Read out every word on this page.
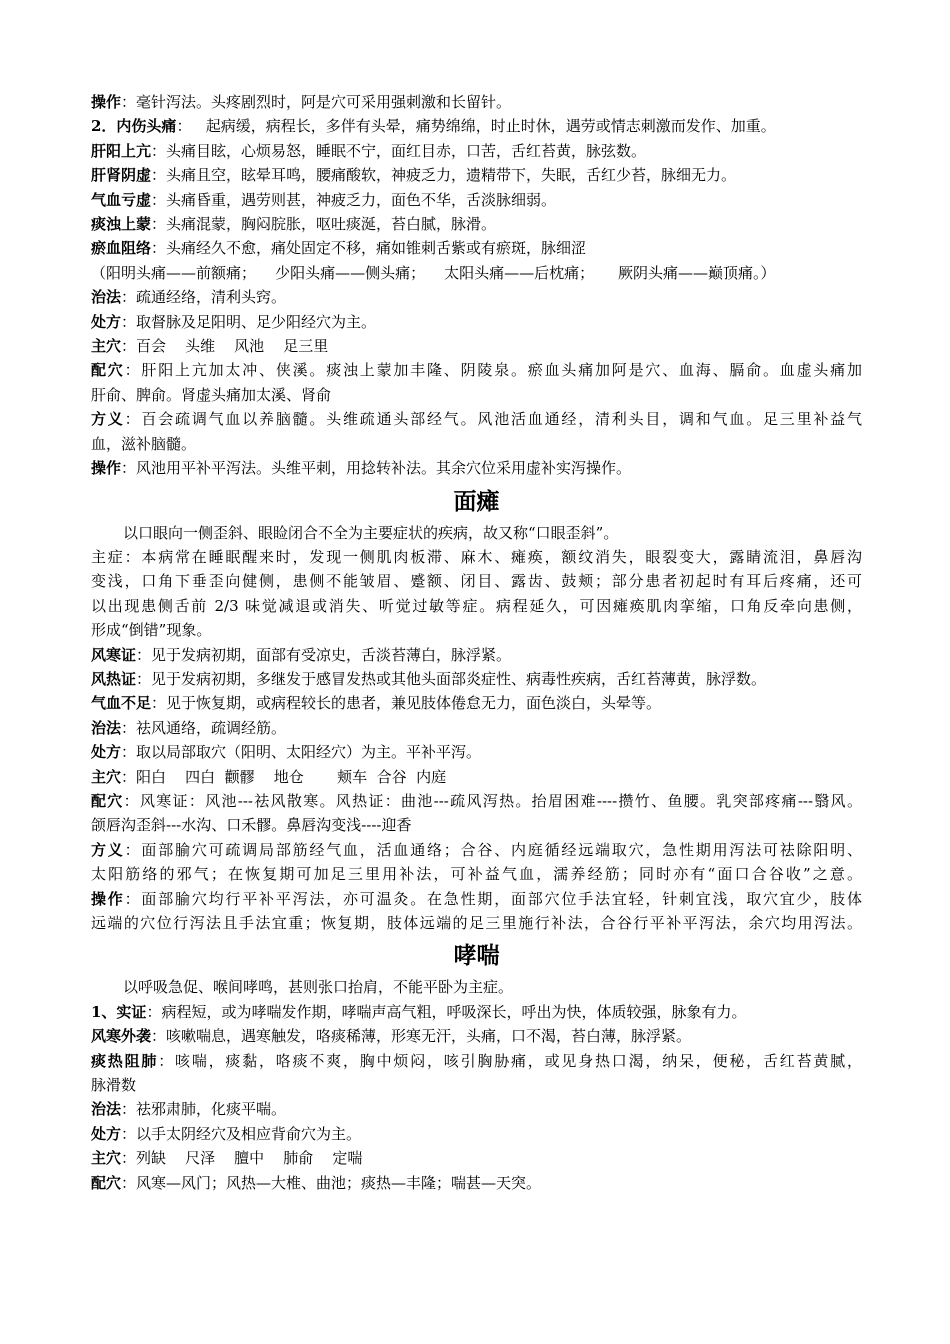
操作：毫针泻法。头疼剧烈时，阿是穴可采用强刺激和长留针。
2．内伤头痛：   起病缓，病程长，多伴有头晕，痛势绵绵，时止时休，遇劳或情志刺激而发作、加重。
肝阳上亢：头痛目眩，心烦易怒，睡眠不宁，面红目赤，口苦，舌红苔黄，脉弦数。
肝肾阴虚：头痛且空，眩晕耳鸣，腰痛酸软，神疲乏力，遗精带下，失眠，舌红少苔，脉细无力。
气血亏虚：头痛昏重，遇劳则甚，神疲乏力，面色不华，舌淡脉细弱。
痰浊上蒙：头痛混蒙，胸闷脘胀，呕吐痰涎，苔白腻，脉滑。
瘀血阻络：头痛经久不愈，痛处固定不移，痛如锥刺舌紫或有瘀斑，脉细涩
（阳明头痛——前额痛；    少阳头痛——侧头痛；    太阳头痛——后枕痛；     厥阴头痛——巅顶痛。）
治法：疏通经络，清利头窍。
处方：取督脉及足阳明、足少阳经穴为主。
主穴：百会    头维    风池    足三里
配穴：肝阳上亢加太冲、侠溪。痰浊上蒙加丰隆、阴陵泉。瘀血头痛加阿是穴、血海、膈俞。血虚头痛加
肝俞、脾俞。肾虚头痛加太溪、肾俞
方义：百会疏调气血以养脑髓。头维疏通头部经气。风池活血通经，清利头目，调和气血。足三里补益气
血，滋补脑髓。
操作：风池用平补平泻法。头维平刺，用捻转补法。其余穴位采用虚补实泻操作。
面瘫
以口眼向一侧歪斜、眼睑闭合不全为主要症状的疾病，故又称“口眼歪斜”。
主症：本病常在睡眠醒来时，发现一侧肌肉板滞、麻木、瘫痪，额纹消失，眼裂变大，露睛流泪，鼻唇沟
变浅，口角下垂歪向健侧，患侧不能皱眉、蹙额、闭目、露齿、鼓颊；部分患者初起时有耳后疼痛，还可
以出现患侧舌前 2/3 味觉减退或消失、听觉过敏等症。病程延久，可因瘫痪肌肉挛缩，口角反牵向患侧，
形成“倒错”现象。
风寒证：见于发病初期，面部有受凉史，舌淡苔薄白，脉浮紧。
风热证：见于发病初期，多继发于感冒发热或其他头面部炎症性、病毒性疾病，舌红苔薄黄，脉浮数。
气血不足：见于恢复期，或病程较长的患者，兼见肢体倦怠无力，面色淡白，头晕等。
治法：祛风通络，疏调经筋。
处方：取以局部取穴（阳明、太阳经穴）为主。平补平泻。
主穴：阳白    四白  颧髎    地仓       颊车  合谷  内庭
配穴：风寒证：风池---祛风散寒。风热证：曲池---疏风泻热。抬眉困难----攒竹、鱼腰。乳突部疼痛---翳风。
颌唇沟歪斜---水沟、口禾髎。鼻唇沟变浅----迎香
方义：面部腧穴可疏调局部筋经气血，活血通络；合谷、内庭循经远端取穴，急性期用泻法可祛除阳明、
太阳筋络的邪气；在恢复期可加足三里用补法，可补益气血，濡养经筋；同时亦有“面口合谷收”之意。
操作：面部腧穴均行平补平泻法，亦可温灸。在急性期，面部穴位手法宜轻，针刺宜浅，取穴宜少，肢体
远端的穴位行泻法且手法宜重；恢复期，肢体远端的足三里施行补法，合谷行平补平泻法，余穴均用泻法。
哮喘
以呼吸急促、喉间哮鸣，甚则张口抬肩，不能平卧为主症。
1、实证：病程短，或为哮喘发作期，哮喘声高气粗，呼吸深长，呼出为快，体质较强，脉象有力。
风寒外袭：咳嗽喘息，遇寒触发，咯痰稀薄，形寒无汗，头痛，口不渴，苔白薄，脉浮紧。
痰热阻肺：咳喘，痰黏，咯痰不爽，胸中烦闷，咳引胸胁痛，或见身热口渴，纳呆，便秘，舌红苔黄腻，
脉滑数
治法：祛邪肃肺，化痰平喘。
处方：以手太阴经穴及相应背俞穴为主。
主穴：列缺    尺泽    膻中    肺俞    定喘
配穴：风寒—风门；风热—大椎、曲池；痰热—丰隆；喘甚—天突。
